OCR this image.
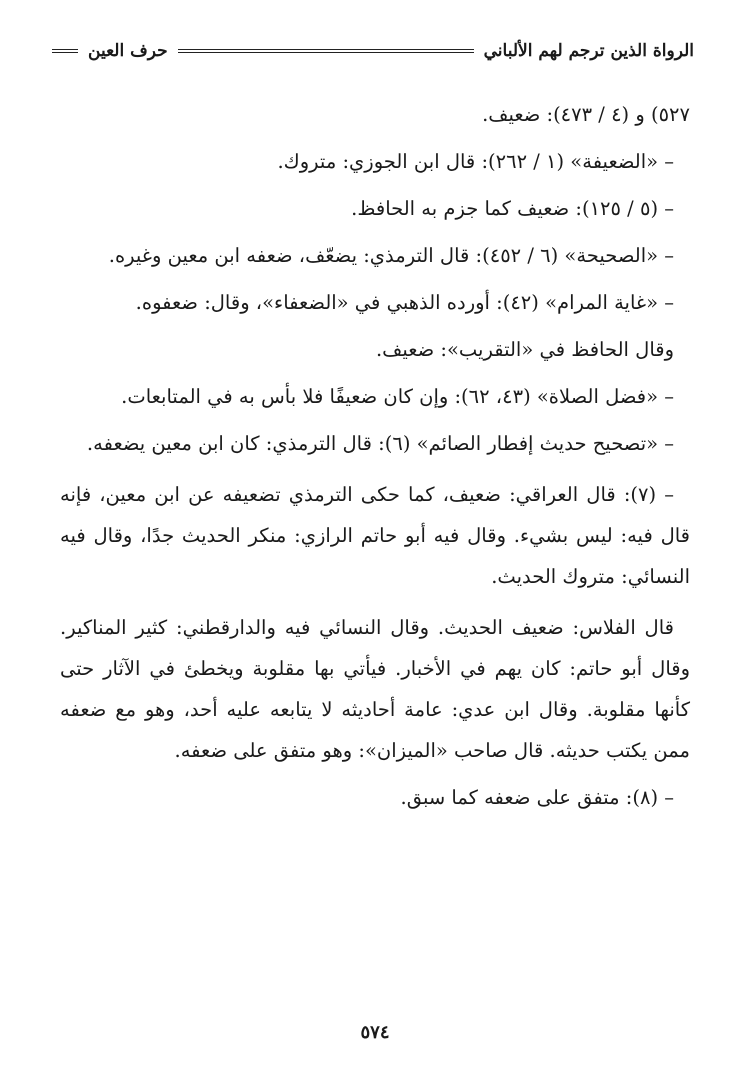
الرواة الذين ترجم لهم الألباني
حرف العين

٥٢٧) و (٤ / ٤٧٣): ضعيف.

– «الضعيفة» (١ / ٢٦٢): قال ابن الجوزي: متروك.

– (٥ / ١٢٥): ضعيف كما جزم به الحافظ.

– «الصحيحة» (٦ / ٤٥٢): قال الترمذي: يضعّف، ضعفه ابن معين وغيره.

– «غاية المرام» (٤٢): أورده الذهبي في «الضعفاء»، وقال: ضعفوه.

وقال الحافظ في «التقريب»: ضعيف.

– «فضل الصلاة» (٤٣، ٦٢): وإن كان ضعيفًا فلا بأس به في المتابعات.

– «تصحيح حديث إفطار الصائم» (٦): قال الترمذي: كان ابن معين يضعفه.

– (٧): قال العراقي: ضعيف، كما حكى الترمذي تضعيفه عن ابن معين، فإنه قال فيه: ليس بشيء. وقال فيه أبو حاتم الرازي: منكر الحديث جدًا، وقال فيه النسائي: متروك الحديث.

قال الفلاس: ضعيف الحديث. وقال النسائي فيه والدارقطني: كثير المناكير. وقال أبو حاتم: كان يهم في الأخبار. فيأتي بها مقلوبة ويخطئ في الآثار حتى كأنها مقلوبة. وقال ابن عدي: عامة أحاديثه لا يتابعه عليه أحد، وهو مع ضعفه ممن يكتب حديثه. قال صاحب «الميزان»: وهو متفق على ضعفه.

– (٨): متفق على ضعفه كما سبق.

٥٧٤
